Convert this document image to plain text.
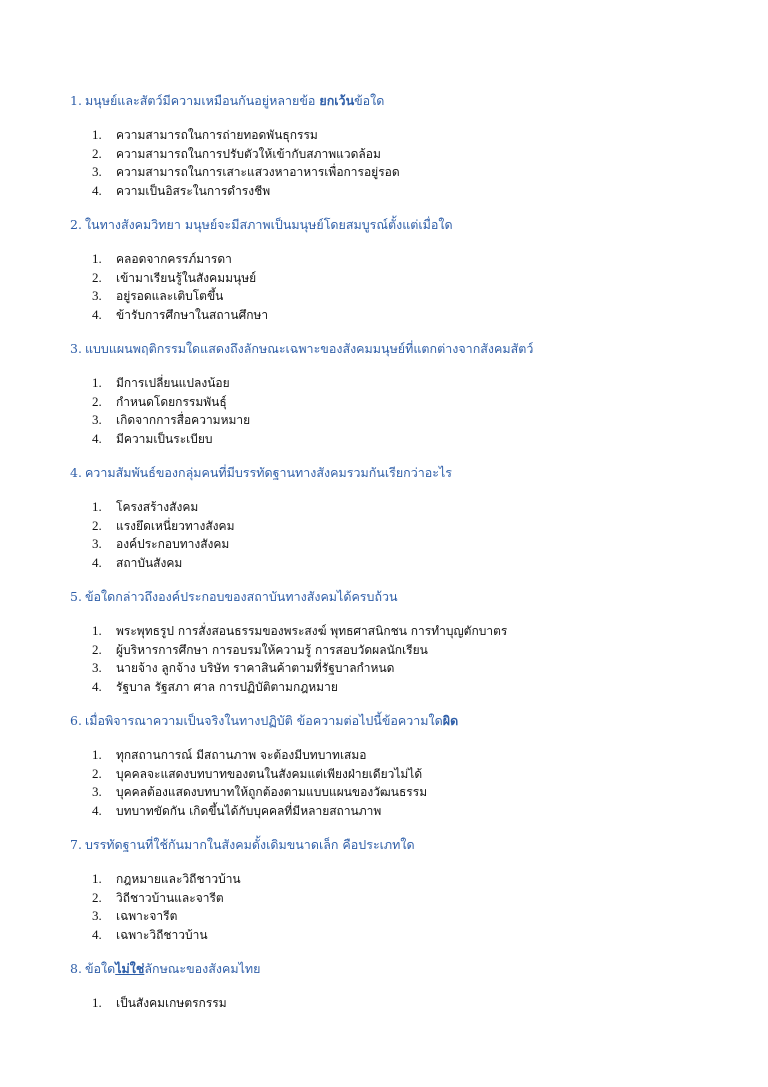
1. มนุษย์และสัตว์มีความเหมือนกันอยู่หลายข้อ ยกเว้นข้อใด

1. ความสามารถในการถ่ายทอดพันธุกรรม
2. ความสามารถในการปรับตัวให้เข้ากับสภาพแวดล้อม
3. ความสามารถในการเสาะแสวงหาอาหารเพื่อการอยู่รอด
4. ความเป็นอิสระในการดำรงชีพ

2. ในทางสังคมวิทยา มนุษย์จะมีสภาพเป็นมนุษย์โดยสมบูรณ์ตั้งแต่เมื่อใด

1. คลอดจากครรภ์มารดา
2. เข้ามาเรียนรู้ในสังคมมนุษย์
3. อยู่รอดและเติบโตขึ้น
4. ข้ารับการศึกษาในสถานศึกษา

3. แบบแผนพฤติกรรมใดแสดงถึงลักษณะเฉพาะของสังคมมนุษย์ที่แตกต่างจากสังคมสัตว์

1. มีการเปลี่ยนแปลงน้อย
2. กำหนดโดยกรรมพันธุ์
3. เกิดจากการสื่อความหมาย
4. มีความเป็นระเบียบ

4. ความสัมพันธ์ของกลุ่มคนที่มีบรรทัดฐานทางสังคมรวมกันเรียกว่าอะไร

1. โครงสร้างสังคม
2. แรงยึดเหนี่ยวทางสังคม
3. องค์ประกอบทางสังคม
4. สถาบันสังคม

5. ข้อใดกล่าวถึงองค์ประกอบของสถาบันทางสังคมได้ครบถ้วน

1. พระพุทธรูป การสั่งสอนธรรมของพระสงฆ์ พุทธศาสนิกชน การทำบุญตักบาตร
2. ผู้บริหารการศึกษา การอบรมให้ความรู้ การสอบวัดผลนักเรียน
3. นายจ้าง ลูกจ้าง บริษัท ราคาสินค้าตามที่รัฐบาลกำหนด
4. รัฐบาล รัฐสภา ศาล การปฏิบัติตามกฎหมาย

6. เมื่อพิจารณาความเป็นจริงในทางปฏิบัติ ข้อความต่อไปนี้ข้อความใดผิด

1. ทุกสถานการณ์ มีสถานภาพ จะต้องมีบทบาทเสมอ
2. บุคคลจะแสดงบทบาทของตนในสังคมแต่เพียงฝ่ายเดียวไม่ได้
3. บุคคลต้องแสดงบทบาทให้ถูกต้องตามแบบแผนของวัฒนธรรม
4. บทบาทขัดกัน เกิดขึ้นได้กับบุคคลที่มีหลายสถานภาพ

7. บรรทัดฐานที่ใช้กันมากในสังคมดั้งเดิมขนาดเล็ก คือประเภทใด

1. กฎหมายและวิถีชาวบ้าน
2. วิถีชาวบ้านและจารีต
3. เฉพาะจารีต
4. เฉพาะวิถีชาวบ้าน

8. ข้อใดไม่ใช่ลักษณะของสังคมไทย

1. เป็นสังคมเกษตรกรรม
